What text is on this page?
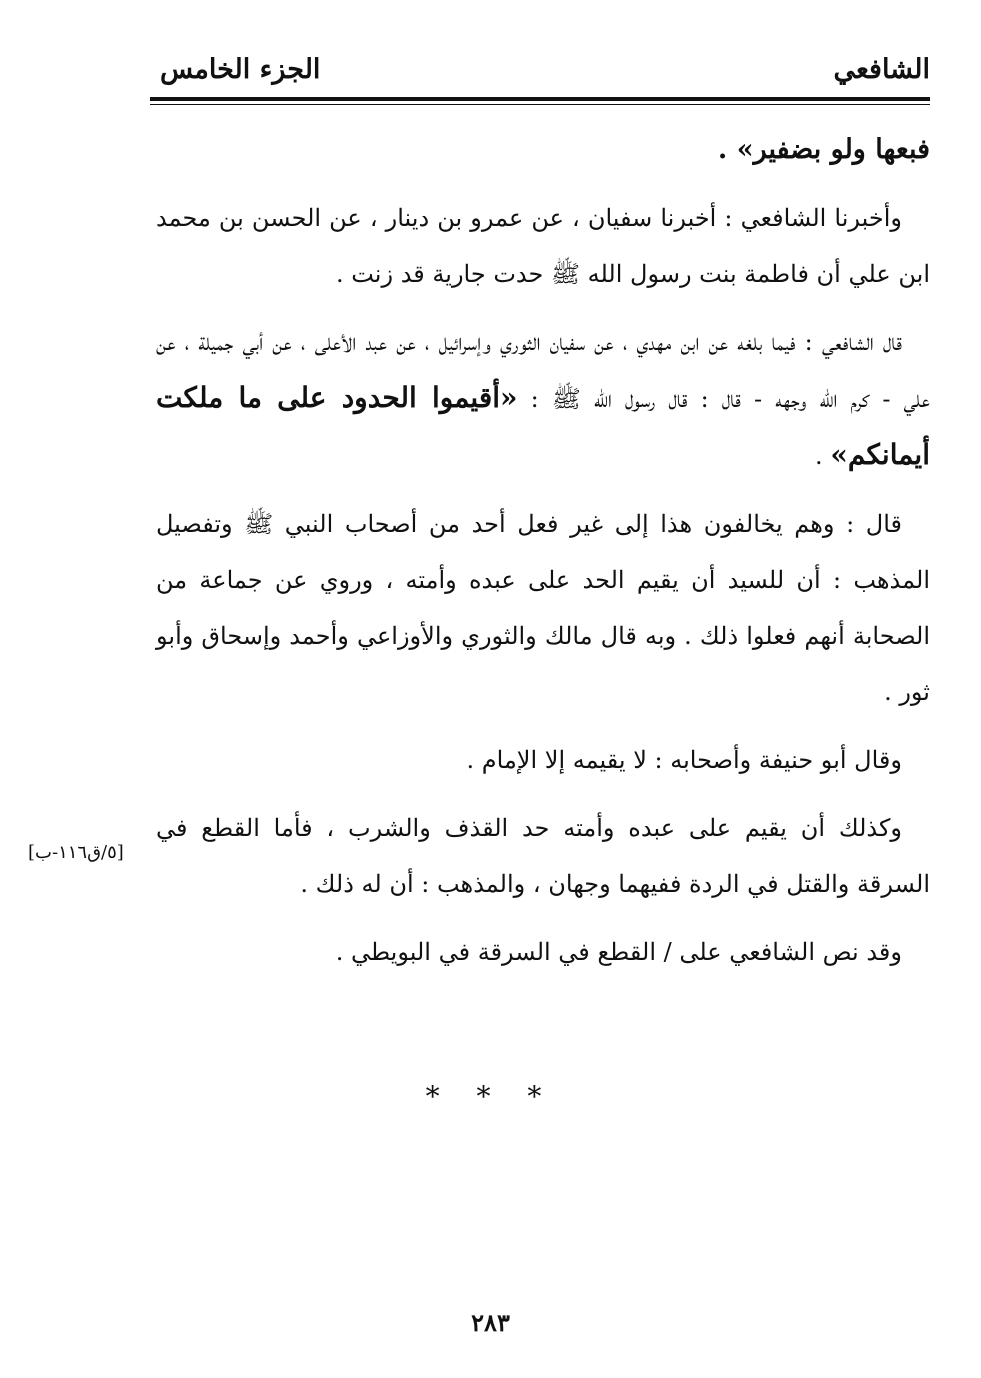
الشافعي
الجزء الخامس

فبعها ولو بضفير» .

وأخبرنا الشافعي : أخبرنا سفيان ، عن عمرو بن دينار ، عن الحسن بن محمد ابن علي أن فاطمة بنت رسول الله ﷺ حدت جارية قد زنت .

قال الشافعي : فيما بلغه عن ابن مهدي ، عن سفيان الثوري وإسرائيل ، عن عبد الأعلى ، عن أبي جميلة ، عن علي - كرم الله وجهه - قال : قال رسول الله ﷺ : «أقيموا الحدود على ما ملكت أيمانكم» .

قال : وهم يخالفون هذا إلى غير فعل أحد من أصحاب النبي ﷺ وتفصيل المذهب : أن للسيد أن يقيم الحد على عبده وأمته ، وروي عن جماعة من الصحابة أنهم فعلوا ذلك . وبه قال مالك والثوري والأوزاعي وأحمد وإسحاق وأبو ثور .

وقال أبو حنيفة وأصحابه : لا يقيمه إلا الإمام .

وكذلك أن يقيم على عبده وأمته حد القذف والشرب ، فأما القطع في السرقة والقتل في الردة ففيهما وجهان ، والمذهب : أن له ذلك .

وقد نص الشافعي على / القطع في السرقة في البويطي .

[٥/ق١١٦-ب]
* * *
٢٨٣
